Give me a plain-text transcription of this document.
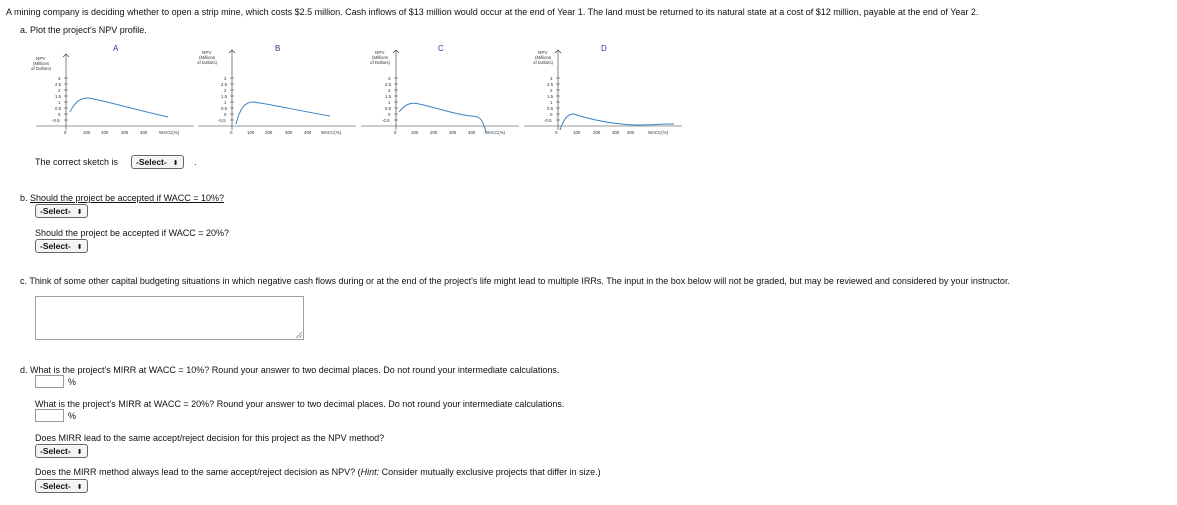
A mining company is deciding whether to open a strip mine, which costs $2.5 million. Cash inflows of $13 million would occur at the end of Year 1. The land must be returned to its natural state at a cost of $12 million, payable at the end of Year 2.
a. Plot the project's NPV profile.
A	B	C	D
NPV
(Millions
of Dollars)
3
2.5
2
1.5
1
0.5
0
-0.5
0	100 200	300	400	WACC(%)
NPV
(Millions
of Dollars)
3
2.5
2
1.5
1
0.5
0
-0.5
0	100 200	300	400 WACC(%)
NPV
(Millions
of Dollars)
3
2.5
2
1.5
1
0.5
0
-0.5
0	100	200	300	400 WACC(%)
NPV
(Millions
of Dollars)
3
2.5
2
1.5
1
0.5
0
-0.5
0	100	200	300 400	WACC(%)
The correct sketch is	-Select- ⬍	.
b. Should the project be accepted if WACC = 10%?
-Select- ⬍
Should the project be accepted if WACC = 20%?
-Select- ⬍
c. Think of some other capital budgeting situations in which negative cash flows during or at the end of the project's life might lead to multiple IRRs. The input in the box below will not be graded, but may be reviewed and considered by your instructor.
d. What is the project's MIRR at WACC = 10%? Round your answer to two decimal places. Do not round your intermediate calculations.
%
What is the project's MIRR at WACC = 20%? Round your answer to two decimal places. Do not round your intermediate calculations.
%
Does MIRR lead to the same accept/reject decision for this project as the NPV method?
-Select- ⬍
Does the MIRR method always lead to the same accept/reject decision as NPV? (Hint: Consider mutually exclusive projects that differ in size.)
-Select- ⬍
